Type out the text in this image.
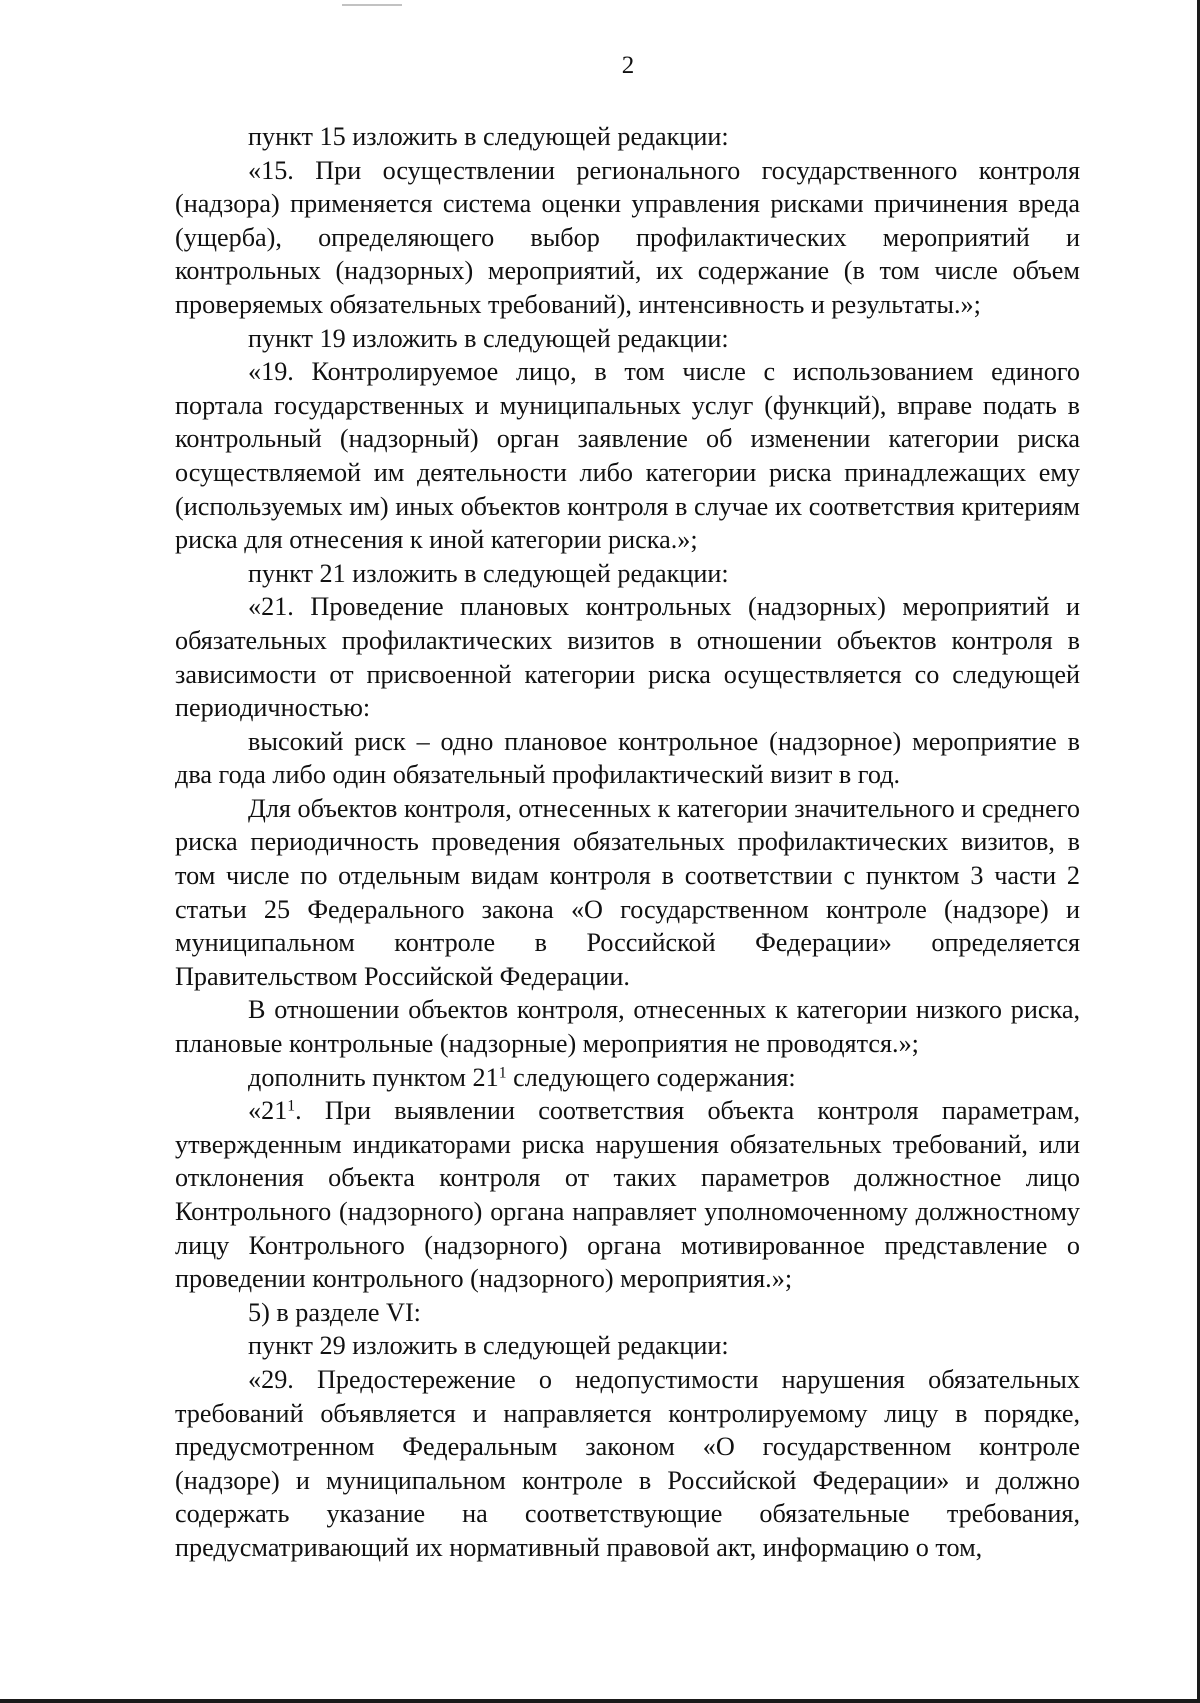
2

пункт 15 изложить в следующей редакции:

«15. При осуществлении регионального государственного контроля (надзора) применяется система оценки управления рисками причинения вреда (ущерба), определяющего выбор профилактических мероприятий и контрольных (надзорных) мероприятий, их содержание (в том числе объем проверяемых обязательных требований), интенсивность и результаты.»;

пункт 19 изложить в следующей редакции:

«19. Контролируемое лицо, в том числе с использованием единого портала государственных и муниципальных услуг (функций), вправе подать в контрольный (надзорный) орган заявление об изменении категории риска осуществляемой им деятельности либо категории риска принадлежащих ему (используемых им) иных объектов контроля в случае их соответствия критериям риска для отнесения к иной категории риска.»;

пункт 21 изложить в следующей редакции:

«21. Проведение плановых контрольных (надзорных) мероприятий и обязательных профилактических визитов в отношении объектов контроля в зависимости от присвоенной категории риска осуществляется со следующей периодичностью:

высокий риск – одно плановое контрольное (надзорное) мероприятие в два года либо один обязательный профилактический визит в год.

Для объектов контроля, отнесенных к категории значительного и среднего риска периодичность проведения обязательных профилактических визитов, в том числе по отдельным видам контроля в соответствии с пунктом 3 части 2 статьи 25 Федерального закона «О государственном контроле (надзоре) и муниципальном контроле в Российской Федерации» определяется Правительством Российской Федерации.

В отношении объектов контроля, отнесенных к категории низкого риска, плановые контрольные (надзорные) мероприятия не проводятся.»;

дополнить пунктом $21^1$ следующего содержания:

«$21^1$. При выявлении соответствия объекта контроля параметрам, утвержденным индикаторами риска нарушения обязательных требований, или отклонения объекта контроля от таких параметров должностное лицо Контрольного (надзорного) органа направляет уполномоченному должностному лицу Контрольного (надзорного) органа мотивированное представление о проведении контрольного (надзорного) мероприятия.»;

5) в разделе VI:

пункт 29 изложить в следующей редакции:

«29. Предостережение о недопустимости нарушения обязательных требований объявляется и направляется контролируемому лицу в порядке, предусмотренном Федеральным законом «О государственном контроле (надзоре) и муниципальном контроле в Российской Федерации» и должно содержать указание на соответствующие обязательные требования, предусматривающий их нормативный правовой акт, информацию о том,
